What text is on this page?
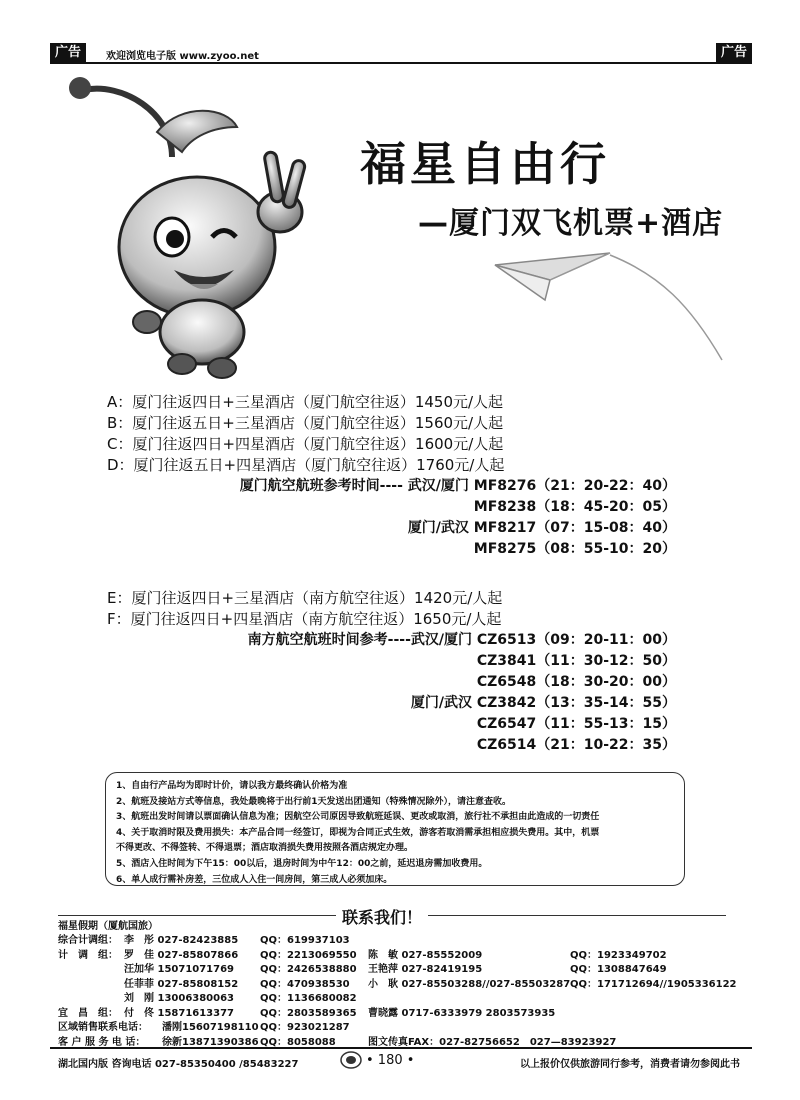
广告	欢迎浏览电子版 www.zyoo.net	广告
福星自由行
—厦门双飞机票+酒店
A：厦门往返四日+三星酒店（厦门航空往返）1450元/人起
B：厦门往返五日+三星酒店（厦门航空往返）1560元/人起
C：厦门往返四日+四星酒店（厦门航空往返）1600元/人起
D：厦门往返五日+四星酒店（厦门航空往返）1760元/人起
厦门航空航班参考时间---- 武汉/厦门 MF8276（21：20-22：40）
MF8238（18：45-20：05）
厦门/武汉 MF8217（07：15-08：40）
MF8275（08：55-10：20）
E：厦门往返四日+三星酒店（南方航空往返）1420元/人起
F：厦门往返四日+四星酒店（南方航空往返）1650元/人起
南方航空航班时间参考----武汉/厦门 CZ6513（09：20-11：00）
CZ3841（11：30-12：50）
CZ6548（18：30-20：00）
厦门/武汉 CZ3842（13：35-14：55）
CZ6547（11：55-13：15）
CZ6514（21：10-22：35）
1、自由行产品均为即时计价，请以我方最终确认价格为准
2、航班及接站方式等信息，我处最晚将于出行前1天发送出团通知（特殊情况除外），请注意查收。
3、航班出发时间请以票面确认信息为准；因航空公司原因导致航班延误、更改或取消，旅行社不承担由此造成的一切责任
4、关于取消时限及费用损失：本产品合同一经签订，即视为合同正式生效，游客若取消需承担相应损失费用。其中，机票
不得更改、不得签转、不得退票；酒店取消损失费用按照各酒店规定办理。
5、酒店入住时间为下午15：00以后，退房时间为中午12：00之前，延迟退房需加收费用。
6、单人成行需补房差，三位成人入住一间房间，第三成人必须加床。
联系我们！
福星假期（厦航国旅）
综合计调组： 李　彤 027-82423885 QQ：619937103
计　调　组： 罗　佳 027-85807866 QQ：2213069550 陈　敏 027-85552009	QQ：1923349702
汪加华 15071071769	QQ：2426538880 王艳萍 027-82419195	QQ：1308847649
任菲菲 027-85808152 QQ：470938530 小　耿 027-85503288//027-85503287 QQ：171712694//1905336122
刘　刚 13006380063	QQ：1136680082
宜　昌　组： 付　佟 15871613377	QQ：2803589365 曹晓露 0717-6333979 2803573935
区域销售联系电话： 潘刚15607198110 QQ：923021287
客 户 服 务 电 话： 徐新13871390386 QQ：8058088	图文传真FAX：027-82756652　027—83923927
湖北国内版 咨询电话 027-85350400 /85483227	• 180 •	以上报价仅供旅游同行参考，消费者请勿参阅此书
